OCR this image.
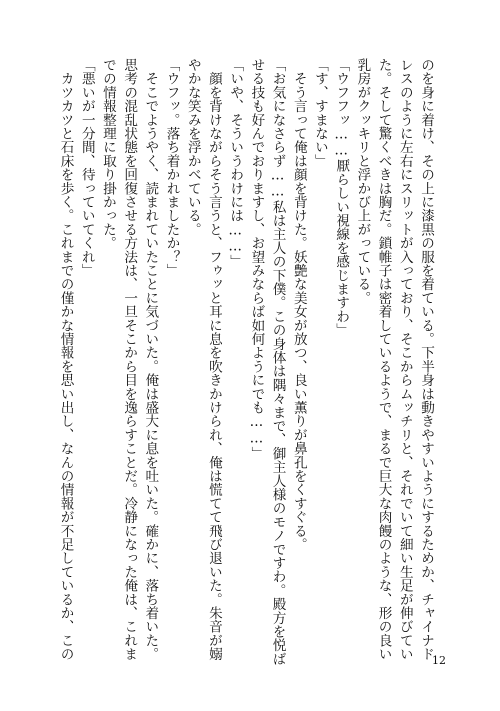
のを身に着け、その上に漆黒の服を着ている。下半身は動きやすいようにするためか、チャイナド
レスのように左右にスリットが入っており、そこからムッチリと、それでいて細い生足が伸びてい
た。そして驚くべきは胸だ。鎖帷子は密着しているようで、まるで巨大な肉饅のような、形の良い
乳房がクッキリと浮かび上がっている。
「ウフフッ……厭らしい視線を感じますわ」
「す、すまない」
　そう言って俺は顔を背けた。妖艶な美女が放つ、良い薫りが鼻孔をくすぐる。
「お気になさらず……私は主人の下僕。この身体は隅々まで、御主人様のモノですわ。殿方を悦ば
せる技も好んでおりますし、お望みならば如何ようにでも……」
「いや、そういうわけには……」
　顔を背けながらそう言うと、フゥッと耳に息を吹きかけられ、俺は慌てて飛び退いた。朱音が嫋
やかな笑みを浮かべている。
「ウフッ。落ち着かれましたか？」
　そこでようやく、読まれていたことに気づいた。俺は盛大に息を吐いた。確かに、落ち着いた。
思考の混乱状態を回復させる方法は、一旦そこから目を逸らすことだ。冷静になった俺は、これま
での情報整理に取り掛かった。
「悪いが一分間、待っていてくれ」
　カツカツと石床を歩く。これまでの僅かな情報を思い出し、なんの情報が不足しているか、この	12
